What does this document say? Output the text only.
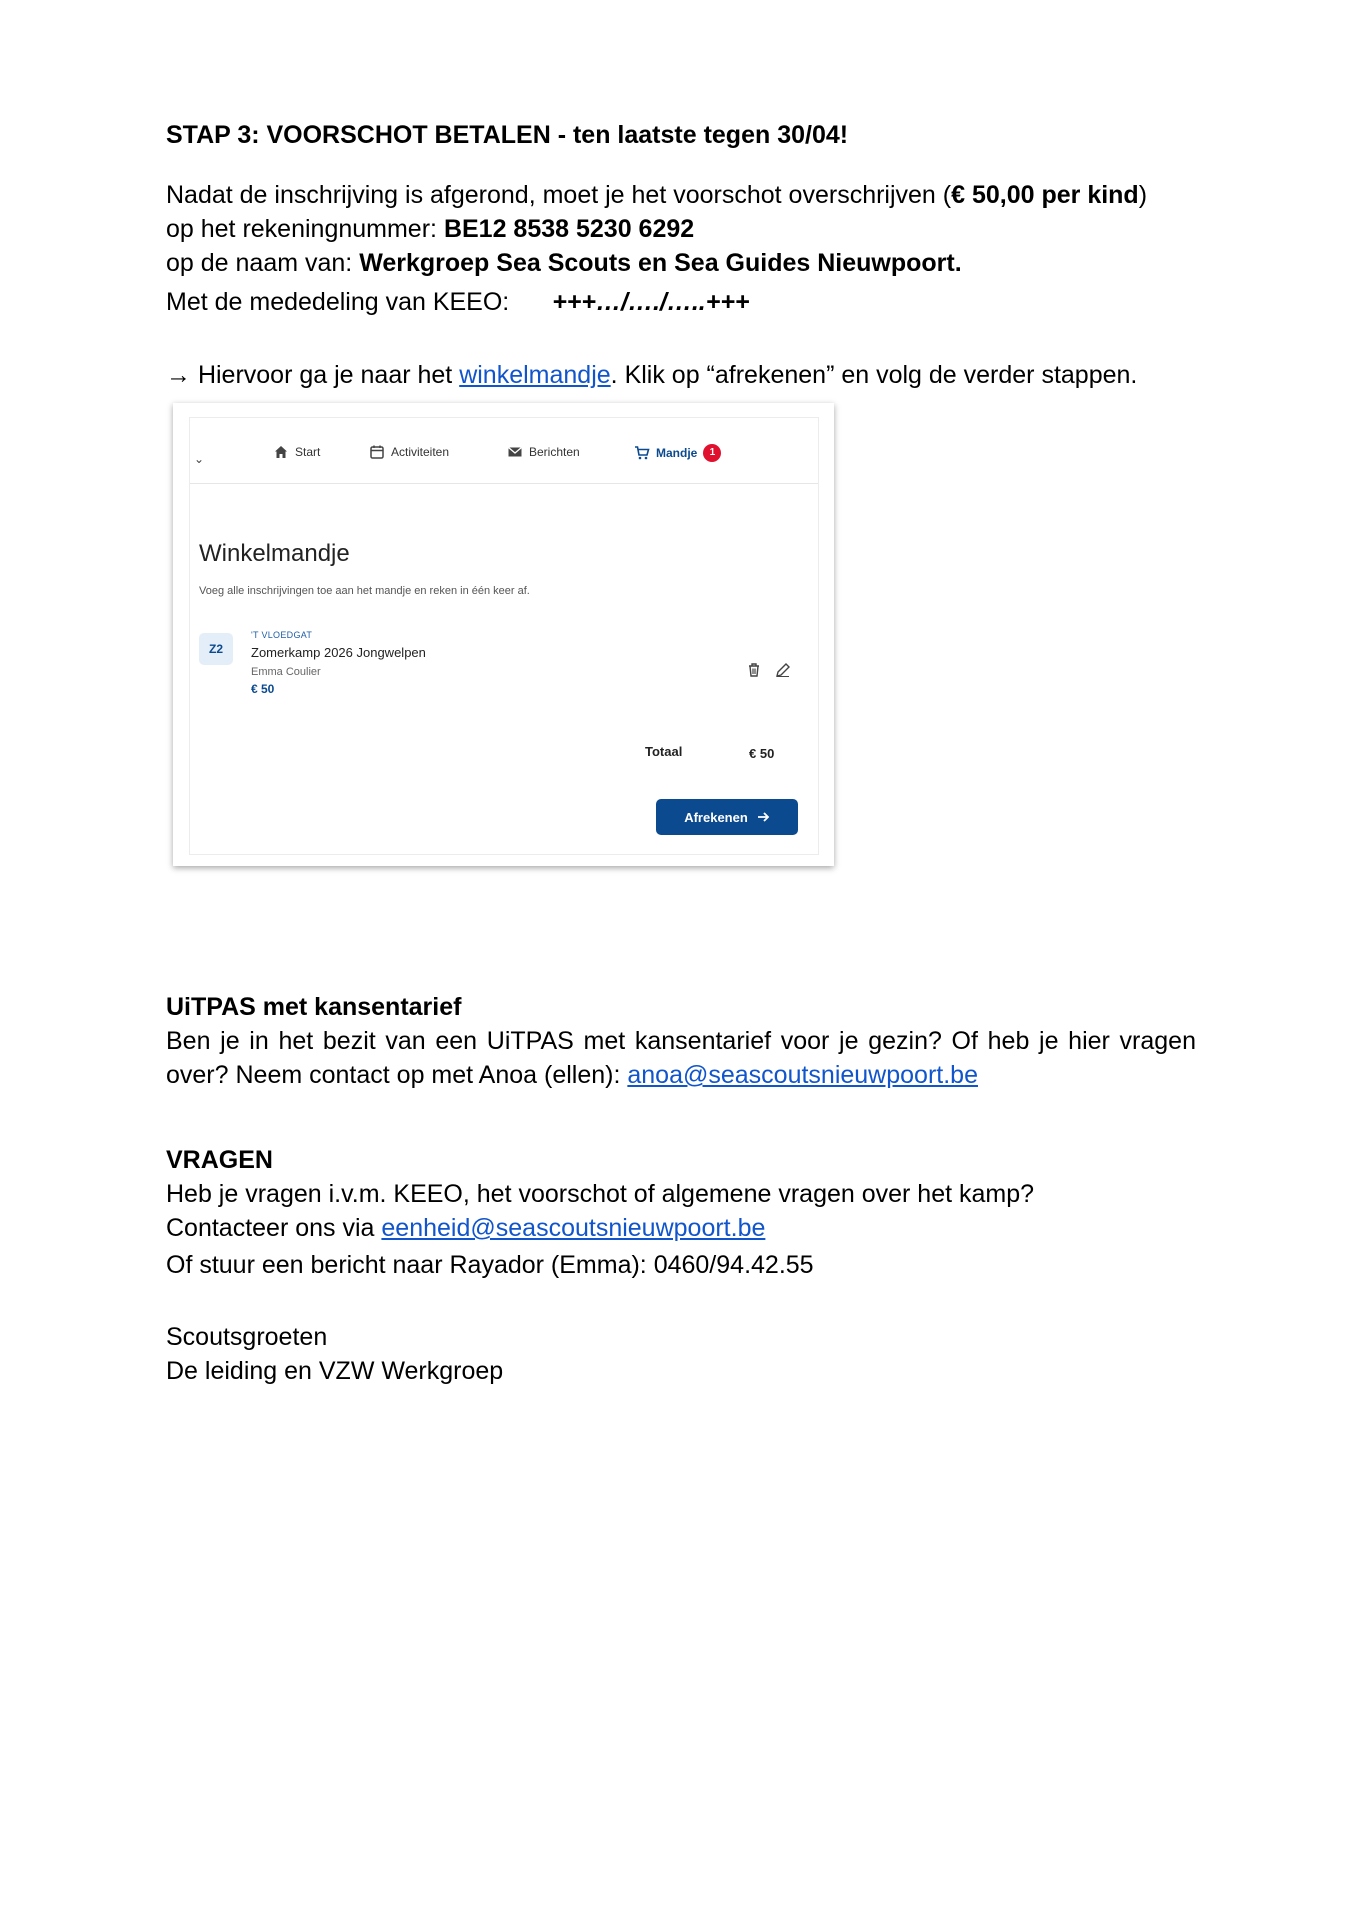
STAP 3: VOORSCHOT BETALEN - ten laatste tegen 30/04!
Nadat de inschrijving is afgerond, moet je het voorschot overschrijven (€ 50,00 per kind)
op het rekeningnummer: BE12 8538 5230 6292
op de naam van: Werkgroep Sea Scouts en Sea Guides Nieuwpoort.
Met de mededeling van KEEO: +++…/…./…..+++
→ Hiervoor ga je naar het winkelmandje. Klik op “afrekenen” en volg de verder stappen.
UiTPAS met kansentarief
Ben je in het bezit van een UiTPAS met kansentarief voor je gezin? Of heb je hier vragen
over? Neem contact op met Anoa (ellen): anoa@seascoutsnieuwpoort.be
VRAGEN
Heb je vragen i.v.m. KEEO, het voorschot of algemene vragen over het kamp?
Contacteer ons via eenheid@seascoutsnieuwpoort.be
Of stuur een bericht naar Rayador (Emma): 0460/94.42.55
Scoutsgroeten
De leiding en VZW Werkgroep
⌄	Start	Activiteiten	Berichten	Mandje	1
Winkelmandje
Voeg alle inschrijvingen toe aan het mandje en reken in één keer af.
Z2
'T VLOEDGAT
Zomerkamp 2026 Jongwelpen
Emma Coulier
€ 50
Totaal	€ 50
Afrekenen
